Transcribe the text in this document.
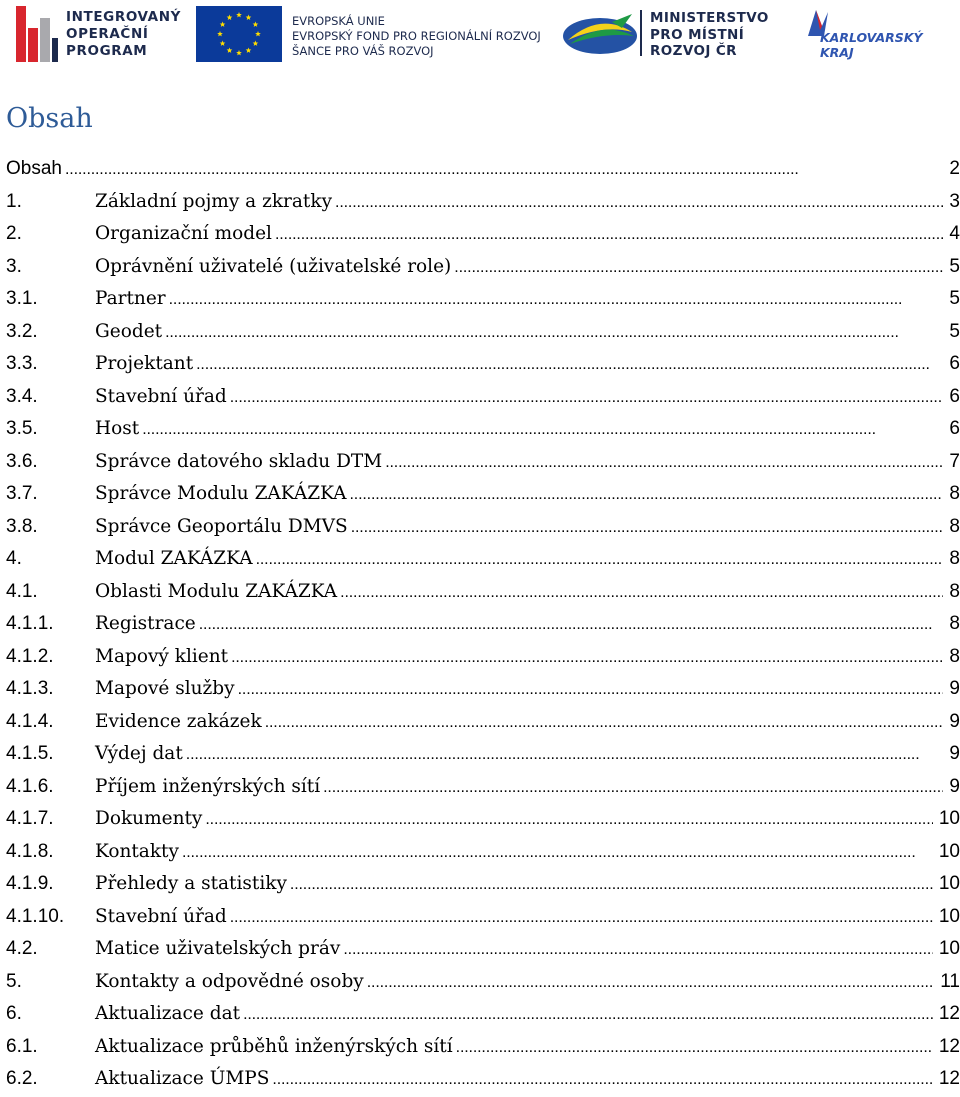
INTEGROVANÝ
OPERAČNÍ
PROGRAM
EVROPSKÁ UNIE
EVROPSKÝ FOND PRO REGIONÁLNÍ ROZVOJ
ŠANCE PRO VÁŠ ROZVOJ
MINISTERSTVO
PRO MÍSTNÍ
ROZVOJ ČR
KARLOVARSKÝ
KRAJ
Obsah
Obsah . . .	2
1.	Základní pojmy a zkratky . . .	3
2.	Organizační model . . .	4
3.	Oprávnění uživatelé (uživatelské role) . . .	5
3.1.	Partner . . .	5
3.2.	Geodet . . .	5
3.3.	Projektant . . .	6
3.4.	Stavební úřad . . .	6
3.5.	Host . . .	6
3.6.	Správce datového skladu DTM . . .	7
3.7.	Správce Modulu ZAKÁZKA . . .	8
3.8.	Správce Geoportálu DMVS . . .	8
4.	Modul ZAKÁZKA . . .	8
4.1.	Oblasti Modulu ZAKÁZKA . . .	8
4.1.1.	Registrace . . .	8
4.1.2.	Mapový klient . . .	8
4.1.3.	Mapové služby . . .	9
4.1.4.	Evidence zakázek . . .	9
4.1.5.	Výdej dat . . .	9
4.1.6.	Příjem inženýrských sítí . . .	9
4.1.7.	Dokumenty . . .	10
4.1.8.	Kontakty . . .	10
4.1.9.	Přehledy a statistiky . . .	10
4.1.10.	Stavební úřad . . .	10
4.2.	Matice uživatelských práv . . .	10
5.	Kontakty a odpovědné osoby . . .	11
6.	Aktualizace dat . . .	12
6.1.	Aktualizace průběhů inženýrských sítí . . .	12
6.2.	Aktualizace ÚMPS . . .	12
